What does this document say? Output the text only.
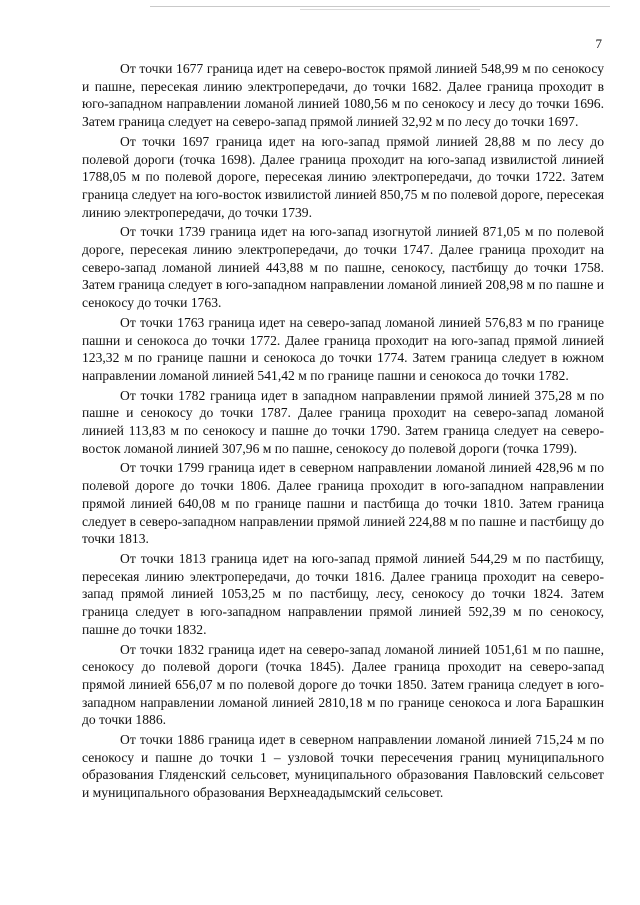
7

От точки 1677 граница идет на северо-восток прямой линией 548,99 м по сенокосу и пашне, пересекая линию электропередачи, до точки 1682. Далее граница проходит в юго-западном направлении ломаной линией 1080,56 м по сенокосу и лесу до точки 1696. Затем граница следует на северо-запад прямой линией 32,92 м по лесу до точки 1697.

От точки 1697 граница идет на юго-запад прямой линией 28,88 м по лесу до полевой дороги (точка 1698). Далее граница проходит на юго-запад извилистой линией 1788,05 м по полевой дороге, пересекая линию электропередачи, до точки 1722. Затем граница следует на юго-восток извилистой линией 850,75 м по полевой дороге, пересекая линию электропередачи, до точки 1739.

От точки 1739 граница идет на юго-запад изогнутой линией 871,05 м по полевой дороге, пересекая линию электропередачи, до точки 1747. Далее граница проходит на северо-запад ломаной линией 443,88 м по пашне, сенокосу, пастбищу до точки 1758. Затем граница следует в юго-западном направлении ломаной линией 208,98 м по пашне и сенокосу до точки 1763.

От точки 1763 граница идет на северо-запад ломаной линией 576,83 м по границе пашни и сенокоса до точки 1772. Далее граница проходит на юго-запад прямой линией 123,32 м по границе пашни и сенокоса до точки 1774. Затем граница следует в южном направлении ломаной линией 541,42 м по границе пашни и сенокоса до точки 1782.

От точки 1782 граница идет в западном направлении прямой линией 375,28 м по пашне и сенокосу до точки 1787. Далее граница проходит на северо-запад ломаной линией 113,83 м по сенокосу и пашне до точки 1790. Затем граница следует на северо-восток ломаной линией 307,96 м по пашне, сенокосу до полевой дороги (точка 1799).

От точки 1799 граница идет в северном направлении ломаной линией 428,96 м по полевой дороге до точки 1806. Далее граница проходит в юго-западном направлении прямой линией 640,08 м по границе пашни и пастбища до точки 1810. Затем граница следует в северо-западном направлении прямой линией 224,88 м по пашне и пастбищу до точки 1813.

От точки 1813 граница идет на юго-запад прямой линией 544,29 м по пастбищу, пересекая линию электропередачи, до точки 1816. Далее граница проходит на северо-запад прямой линией 1053,25 м по пастбищу, лесу, сенокосу до точки 1824. Затем граница следует в юго-западном направлении прямой линией 592,39 м по сенокосу, пашне до точки 1832.

От точки 1832 граница идет на северо-запад ломаной линией 1051,61 м по пашне, сенокосу до полевой дороги (точка 1845). Далее граница проходит на северо-запад прямой линией 656,07 м по полевой дороге до точки 1850. Затем граница следует в юго-западном направлении ломаной линией 2810,18 м по границе сенокоса и лога Барашкин до точки 1886.

От точки 1886 граница идет в северном направлении ломаной линией 715,24 м по сенокосу и пашне до точки 1 – узловой точки пересечения границ муниципального образования Гляденский сельсовет, муниципального образования Павловский сельсовет и муниципального образования Верхнеададымский сельсовет.
